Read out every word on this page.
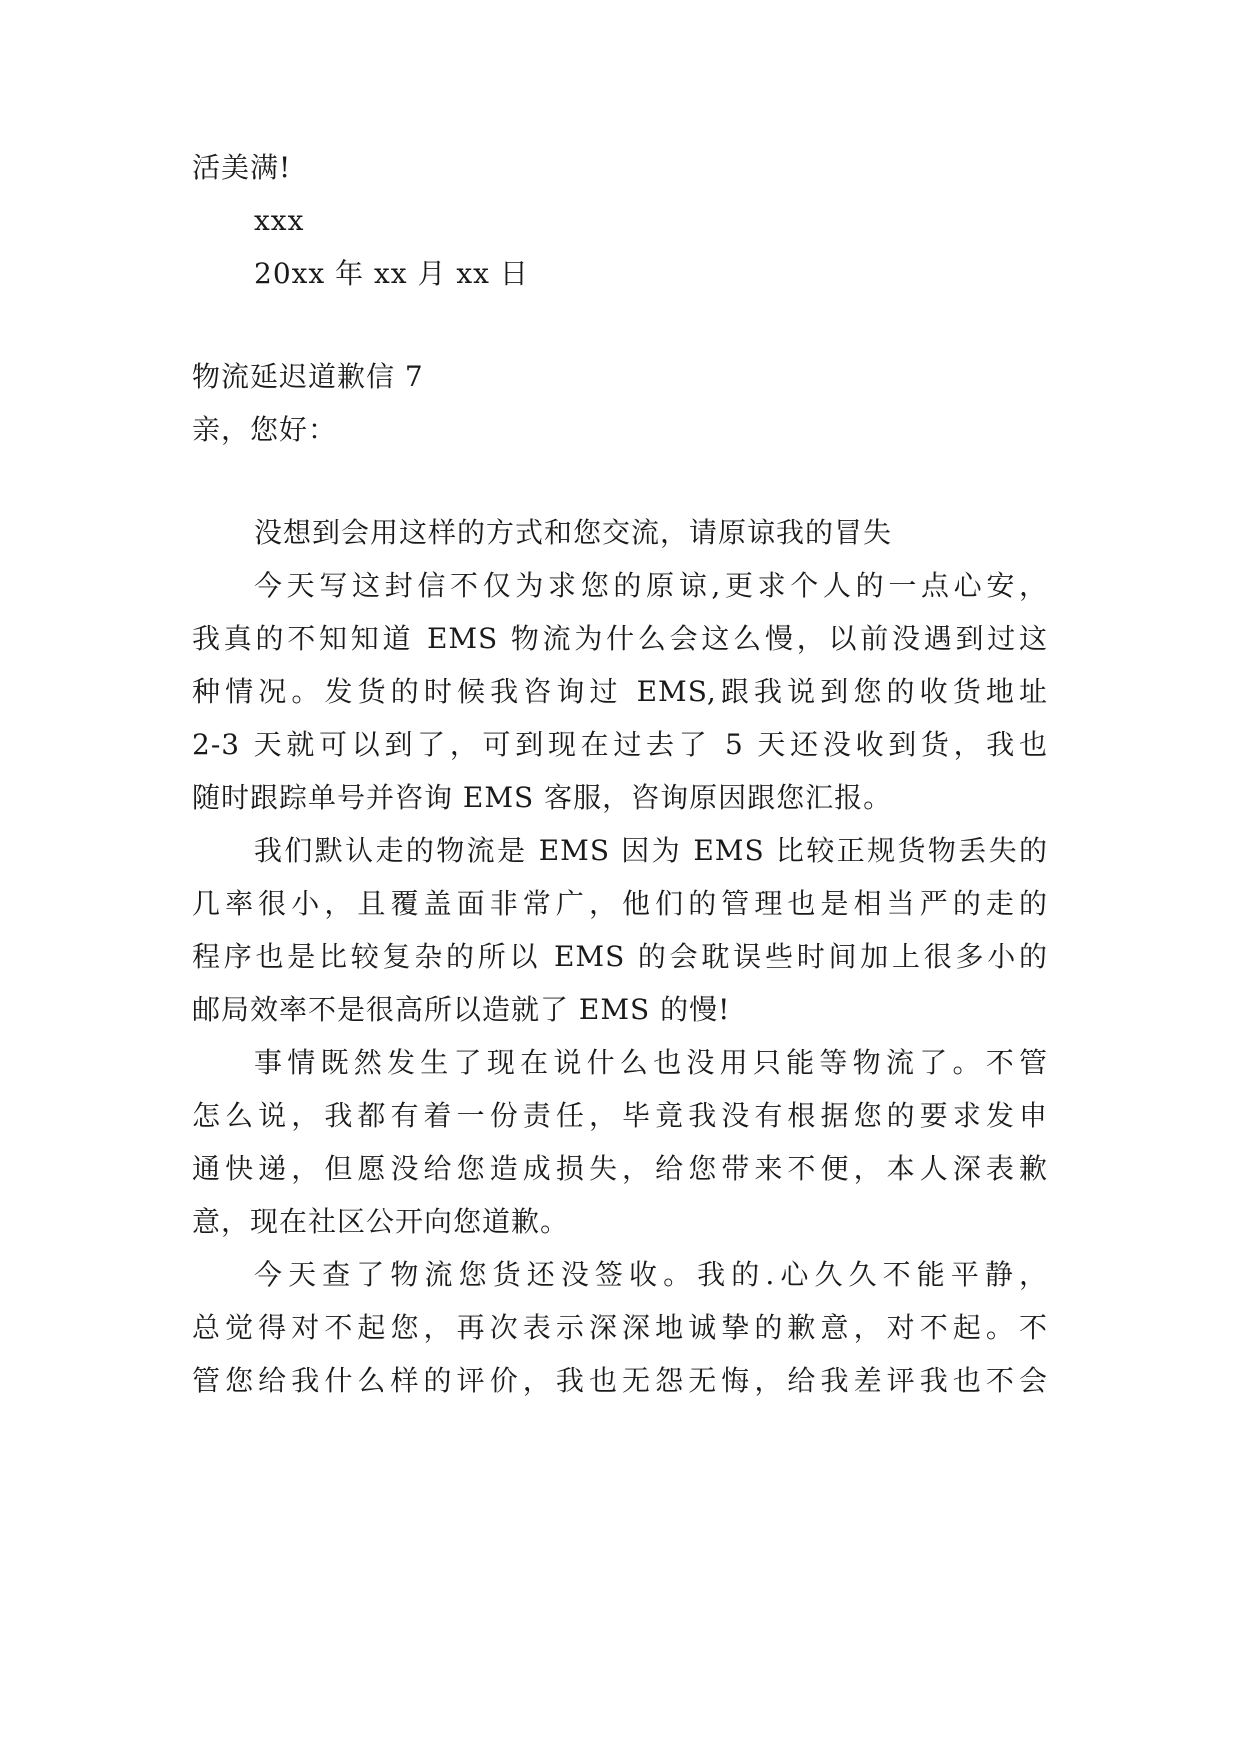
活美满!
xxx
20xx 年 xx 月 xx 日
物流延迟道歉信 7
亲，您好：
没想到会用这样的方式和您交流，请原谅我的冒失
今天写这封信不仅为求您的原谅,更求个人的一点心安，
我真的不知知道 EMS 物流为什么会这么慢，以前没遇到过这
种情况。发货的时候我咨询过 EMS,跟我说到您的收货地址
2-3 天就可以到了，可到现在过去了 5 天还没收到货，我也
随时跟踪单号并咨询 EMS 客服，咨询原因跟您汇报。
我们默认走的物流是 EMS 因为 EMS 比较正规货物丢失的
几率很小，且覆盖面非常广，他们的管理也是相当严的走的
程序也是比较复杂的所以 EMS 的会耽误些时间加上很多小的
邮局效率不是很高所以造就了 EMS 的慢!
事情既然发生了现在说什么也没用只能等物流了。不管
怎么说，我都有着一份责任，毕竟我没有根据您的要求发申
通快递，但愿没给您造成损失，给您带来不便，本人深表歉
意，现在社区公开向您道歉。
今天查了物流您货还没签收。我的.心久久不能平静，
总觉得对不起您，再次表示深深地诚挚的歉意，对不起。不
管您给我什么样的评价，我也无怨无悔，给我差评我也不会
